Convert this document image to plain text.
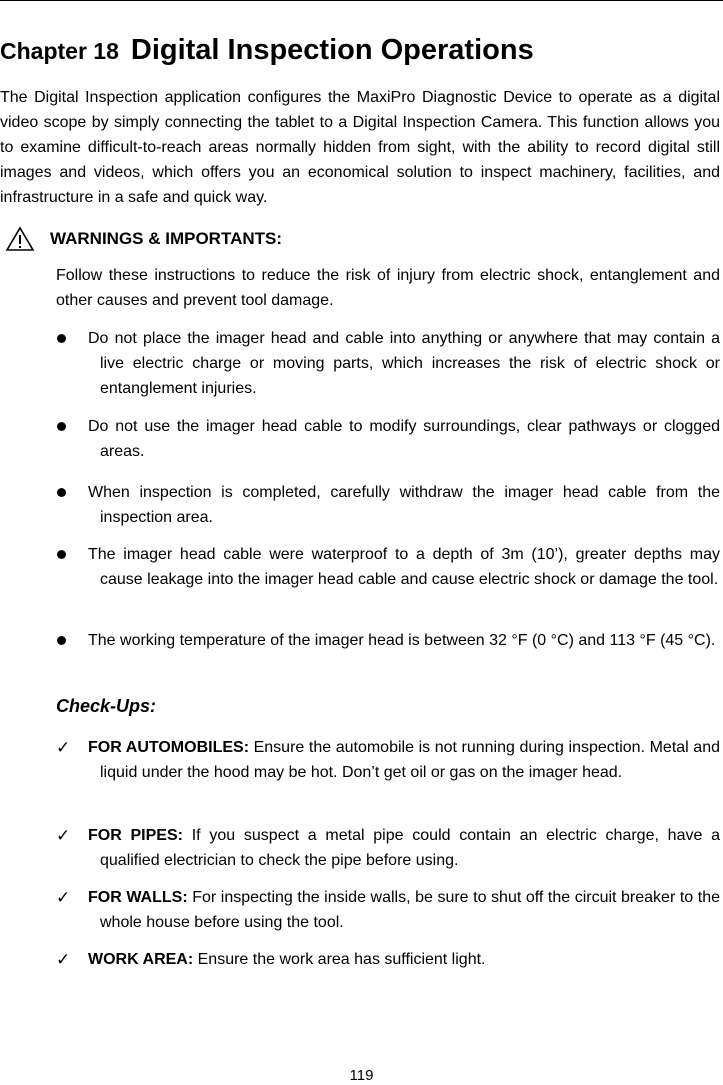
Chapter 18 Digital Inspection Operations

The Digital Inspection application configures the MaxiPro Diagnostic Device to operate as a digital video scope by simply connecting the tablet to a Digital Inspection Camera. This function allows you to examine difficult-to-reach areas normally hidden from sight, with the ability to record digital still images and videos, which offers you an economical solution to inspect machinery, facilities, and infrastructure in a safe and quick way.

WARNINGS & IMPORTANTS:

Follow these instructions to reduce the risk of injury from electric shock, entanglement and other causes and prevent tool damage.

Do not place the imager head and cable into anything or anywhere that may contain a live electric charge or moving parts, which increases the risk of electric shock or entanglement injuries.

Do not use the imager head cable to modify surroundings, clear pathways or clogged areas.

When inspection is completed, carefully withdraw the imager head cable from the inspection area.

The imager head cable were waterproof to a depth of 3m (10’), greater depths may cause leakage into the imager head cable and cause electric shock or damage the tool.

The working temperature of the imager head is between 32 °F (0 °C) and 113 °F (45 °C).

Check-Ups:
✓	FOR AUTOMOBILES: Ensure the automobile is not running during inspection. Metal and liquid under the hood may be hot. Don’t get oil or gas on the imager head.

✓	FOR PIPES: If you suspect a metal pipe could contain an electric charge, have a qualified electrician to check the pipe before using.

✓	FOR WALLS: For inspecting the inside walls, be sure to shut off the circuit breaker to the whole house before using the tool.

✓	WORK AREA: Ensure the work area has sufficient light.

119
